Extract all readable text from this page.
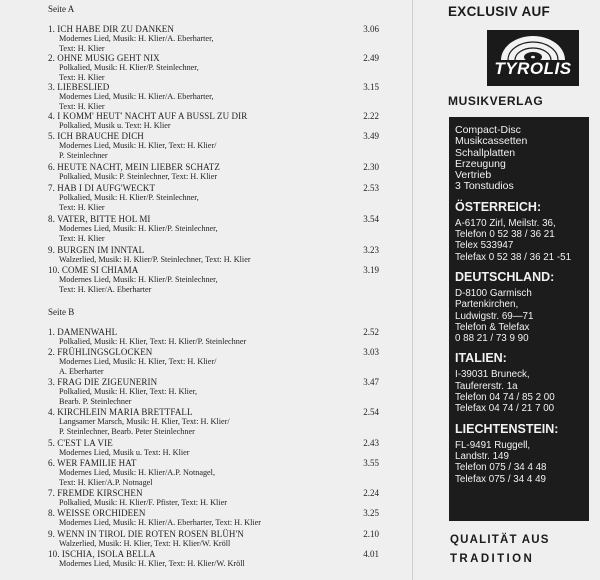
Seite A
1. ICH HABE DIR ZU DANKEN
Modernes Lied, Musik: H. Klier/A. Eberharter,
Text: H. Klier
3.06
2. OHNE MUSIG GEHT NIX
Polkalied, Musik: H. Klier/P. Steinlechner,
Text: H. Klier
2.49
3. LIEBESLIED
Modernes Lied, Musik: H. Klier/A. Eberharter,
Text: H. Klier
3.15
4. I KOMM' HEUT' NACHT AUF A BUSSL ZU DIR
Polkalied, Musik u. Text: H. Klier
2.22
5. ICH BRAUCHE DICH
Modernes Lied, Musik: H. Klier, Text: H. Klier/
P. Steinlechner
3.49
6. HEUTE NACHT, MEIN LIEBER SCHATZ
Polkalied, Musik: P. Steinlechner, Text: H. Klier
2.30
7. HAB I DI AUFG'WECKT
Polkalied, Musik: H. Klier/P. Steinlechner,
Text: H. Klier
2.53
8. VATER, BITTE HOL MI
Modernes Lied, Musik: H. Klier/P. Steinlechner,
Text: H. Klier
3.54
9. BURGEN IM INNTAL
Walzerlied, Musik: H. Klier/P. Steinlechner, Text: H. Klier
3.23
10. COME SI CHIAMA
Modernes Lied, Musik: H. Klier/P. Steinlechner,
Text: H. Klier/A. Eberharter
3.19
Seite B
1. DAMENWAHL
Polkalied, Musik: H. Klier, Text: H. Klier/P. Steinlechner
2.52
2. FRÜHLINGSGLOCKEN
Modernes Lied, Musik: H. Klier, Text: H. Klier/
A. Eberharter
3.03
3. FRAG DIE ZIGEUNERIN
Polkalied, Musik: H. Klier, Text: H. Klier,
Bearb. P. Steinlechner
3.47
4. KIRCHLEIN MARIA BRETTFALL
Langsamer Marsch, Musik: H. Klier, Text: H. Klier/
P. Steinlechner, Bearb. Peter Steinlechner
2.54
5. C'EST LA VIE
Modernes Lied, Musik u. Text: H. Klier
2.43
6. WER FAMILIE HAT
Modernes Lied, Musik: H. Klier/A.P. Notnagel,
Text: H. Klier/A.P. Notnagel
3.55
7. FREMDE KIRSCHEN
Polkalied, Musik: H. Klier/F. Pfister, Text: H. Klier
2.24
8. WEISSE ORCHIDEEN
Modernes Lied, Musik: H. Klier/A. Eberharter, Text: H. Klier
3.25
9. WENN IN TIROL DIE ROTEN ROSEN BLÜH'N
Walzerlied, Musik: H. Klier, Text: H. Klier/W. Kröll
2.10
10. ISCHIA, ISOLA BELLA
Modernes Lied, Musik: H. Klier, Text: H. Klier/W. Kröll
4.01
EXCLUSIV AUF
TYROLIS
MUSIKVERLAG
Compact-Disc
Musikcassetten
Schallplatten
Erzeugung
Vertrieb
3 Tonstudios
ÖSTERREICH:
A-6170 Zirl, Meilstr. 36,
Telefon 0 52 38 / 36 21
Telex 533947
Telefax 0 52 38 / 36 21 -51
DEUTSCHLAND:
D-8100 Garmisch
Partenkirchen,
Ludwigstr. 69—71
Telefon & Telefax
0 88 21 / 73 9 90
ITALIEN:
I-39031 Bruneck,
Taufererstr. 1a
Telefon 04 74 / 85 2 00
Telefax 04 74 / 21 7 00
LIECHTENSTEIN:
FL-9491 Ruggell,
Landstr. 149
Telefon 075 / 34 4 48
Telefax 075 / 34 4 49
QUALITÄT AUS
TRADITION
